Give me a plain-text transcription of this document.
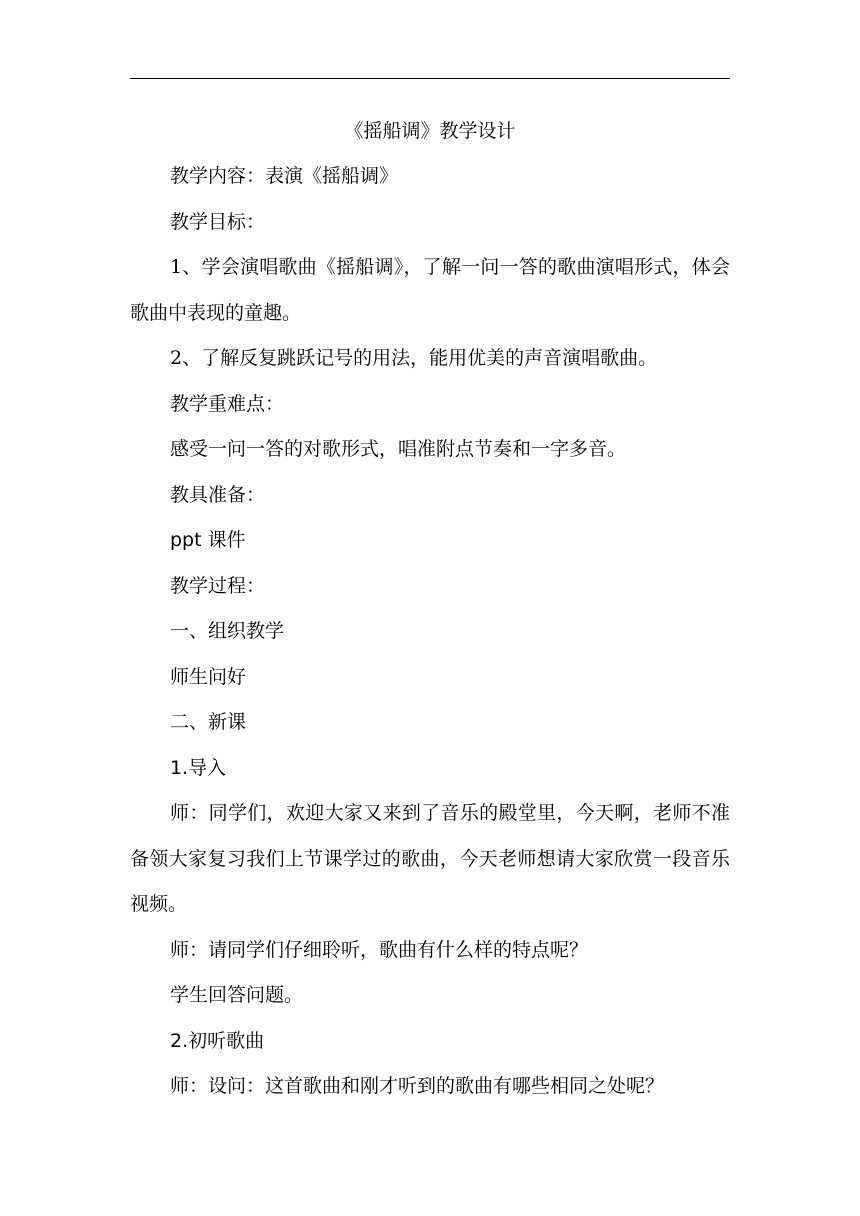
《摇船调》教学设计

教学内容：表演《摇船调》

教学目标：

1、学会演唱歌曲《摇船调》，了解一问一答的歌曲演唱形式，体会歌曲中表现的童趣。

2、了解反复跳跃记号的用法，能用优美的声音演唱歌曲。

教学重难点：

感受一问一答的对歌形式，唱准附点节奏和一字多音。

教具准备：

ppt 课件

教学过程：

一、组织教学

师生问好

二、新课

1.导入

师：同学们，欢迎大家又来到了音乐的殿堂里，今天啊，老师不准备领大家复习我们上节课学过的歌曲，今天老师想请大家欣赏一段音乐视频。

师：请同学们仔细聆听，歌曲有什么样的特点呢？

学生回答问题。

2.初听歌曲

师：设问：这首歌曲和刚才听到的歌曲有哪些相同之处呢？
